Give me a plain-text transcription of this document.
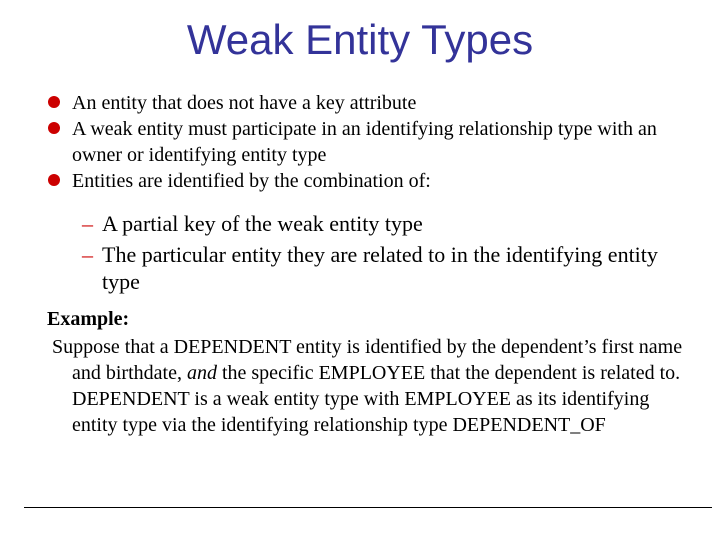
Weak Entity Types
An entity that does not have a key attribute
A weak entity must participate in an identifying relationship type with an owner or identifying entity type
Entities are identified by the combination of:
– A partial key of the weak entity type
– The particular entity they are related to in the identifying entity type
Example:
Suppose that a DEPENDENT entity is identified by the dependent’s first name and birthdate, and the specific EMPLOYEE that the dependent is related to. DEPENDENT is a weak entity type with EMPLOYEE as its identifying entity type via the identifying relationship type DEPENDENT_OF
